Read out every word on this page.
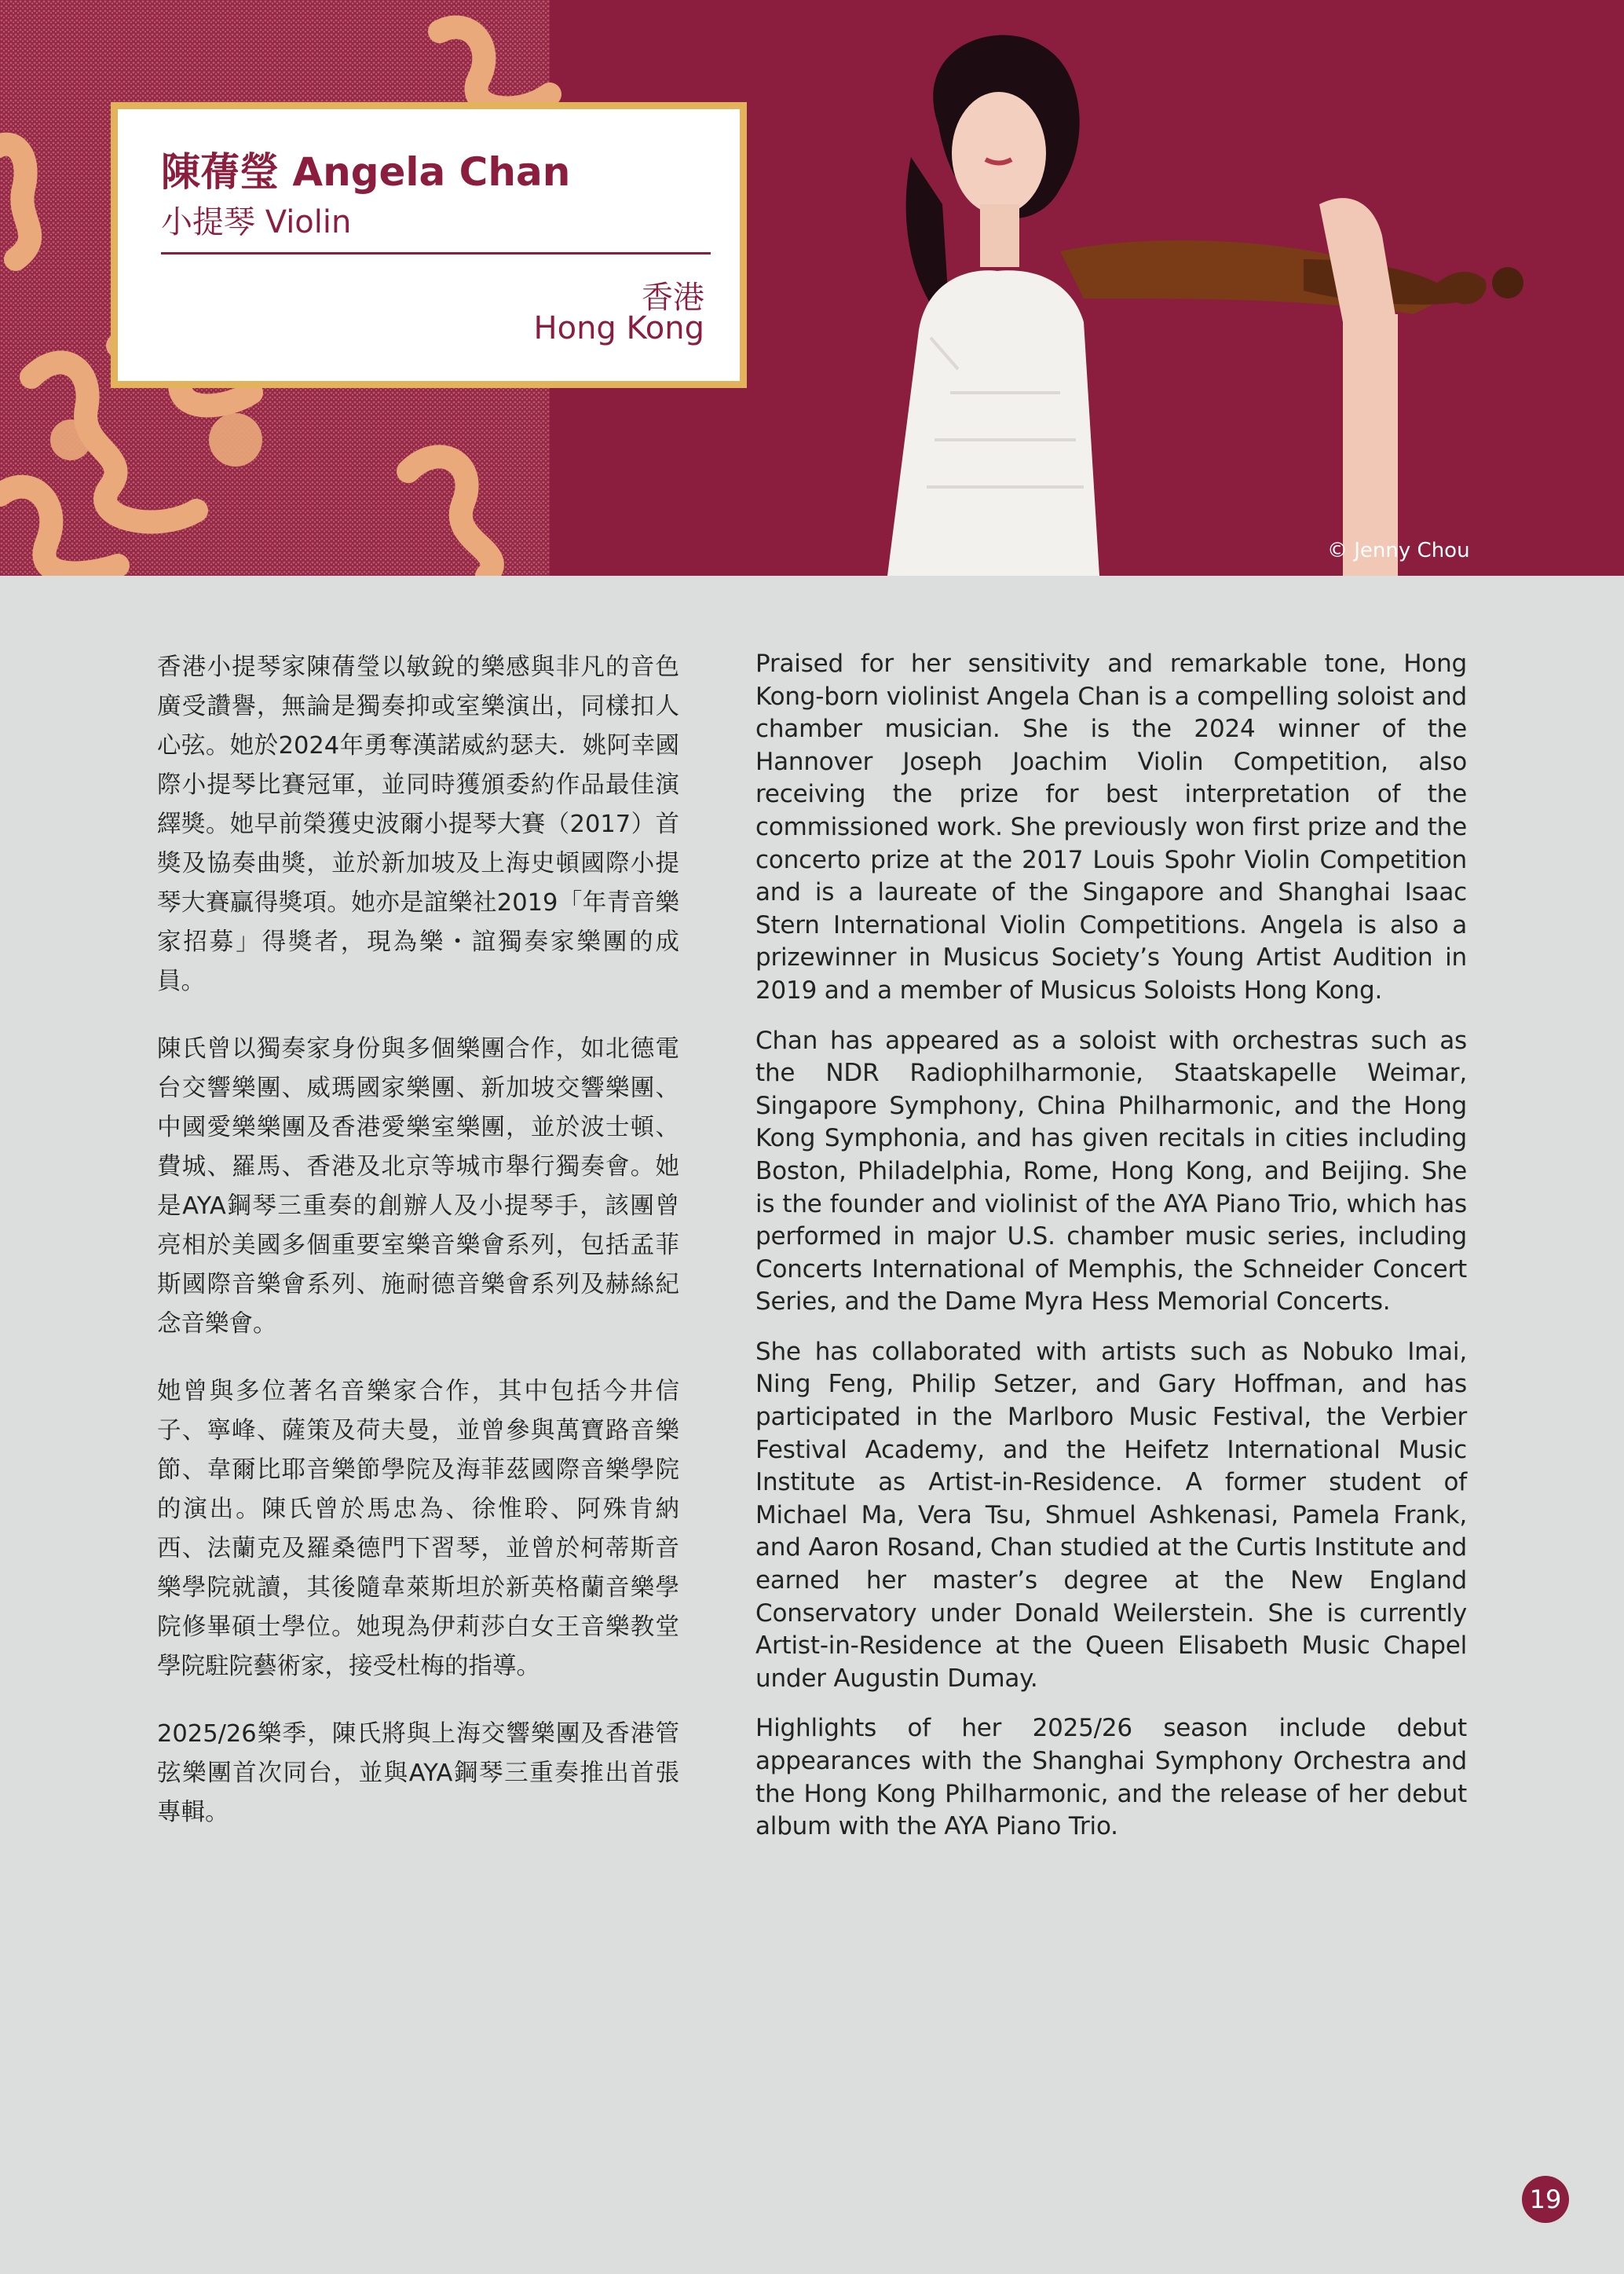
陳蒨瑩 Angela Chan
小提琴 Violin
香港
Hong Kong
© Jenny Chou

香港小提琴家陳蒨瑩以敏銳的樂感與非凡的音色廣受讚譽，無論是獨奏抑或室樂演出，同樣扣人心弦。她於2024年勇奪漢諾威約瑟夫．姚阿幸國際小提琴比賽冠軍，並同時獲頒委約作品最佳演繹獎。她早前榮獲史波爾小提琴大賽（2017）首獎及協奏曲獎，並於新加坡及上海史頓國際小提琴大賽贏得獎項。她亦是誼樂社2019「年青音樂家招募」得獎者，現為樂・誼獨奏家樂團的成員。

陳氏曾以獨奏家身份與多個樂團合作，如北德電台交響樂團、威瑪國家樂團、新加坡交響樂團、中國愛樂樂團及香港愛樂室樂團，並於波士頓、費城、羅馬、香港及北京等城市舉行獨奏會。她是AYA鋼琴三重奏的創辦人及小提琴手，該團曾亮相於美國多個重要室樂音樂會系列，包括孟菲斯國際音樂會系列、施耐德音樂會系列及赫絲紀念音樂會。

她曾與多位著名音樂家合作，其中包括今井信子、寧峰、薩策及荷夫曼，並曾參與萬寶路音樂節、韋爾比耶音樂節學院及海菲茲國際音樂學院的演出。陳氏曾於馬忠為、徐惟聆、阿殊肯納西、法蘭克及羅桑德門下習琴，並曾於柯蒂斯音樂學院就讀，其後隨韋萊斯坦於新英格蘭音樂學院修畢碩士學位。她現為伊莉莎白女王音樂教堂學院駐院藝術家，接受杜梅的指導。

2025/26樂季，陳氏將與上海交響樂團及香港管弦樂團首次同台，並與AYA鋼琴三重奏推出首張專輯。

Praised for her sensitivity and remarkable tone, Hong Kong-born violinist Angela Chan is a compelling soloist and chamber musician. She is the 2024 winner of the Hannover Joseph Joachim Violin Competition, also receiving the prize for best interpretation of the commissioned work. She previously won first prize and the concerto prize at the 2017 Louis Spohr Violin Competition and is a laureate of the Singapore and Shanghai Isaac Stern International Violin Competitions. Angela is also a prizewinner in Musicus Society’s Young Artist Audition in 2019 and a member of Musicus Soloists Hong Kong.

Chan has appeared as a soloist with orchestras such as the NDR Radiophilharmonie, Staatskapelle Weimar, Singapore Symphony, China Philharmonic, and the Hong Kong Symphonia, and has given recitals in cities including Boston, Philadelphia, Rome, Hong Kong, and Beijing. She is the founder and violinist of the AYA Piano Trio, which has performed in major U.S. chamber music series, including Concerts International of Memphis, the Schneider Concert Series, and the Dame Myra Hess Memorial Concerts.

She has collaborated with artists such as Nobuko Imai, Ning Feng, Philip Setzer, and Gary Hoffman, and has participated in the Marlboro Music Festival, the Verbier Festival Academy, and the Heifetz International Music Institute as Artist-in-Residence. A former student of Michael Ma, Vera Tsu, Shmuel Ashkenasi, Pamela Frank, and Aaron Rosand, Chan studied at the Curtis Institute and earned her master’s degree at the New England Conservatory under Donald Weilerstein. She is currently Artist-in-Residence at the Queen Elisabeth Music Chapel under Augustin Dumay.

Highlights of her 2025/26 season include debut appearances with the Shanghai Symphony Orchestra and the Hong Kong Philharmonic, and the release of her debut album with the AYA Piano Trio.

19
